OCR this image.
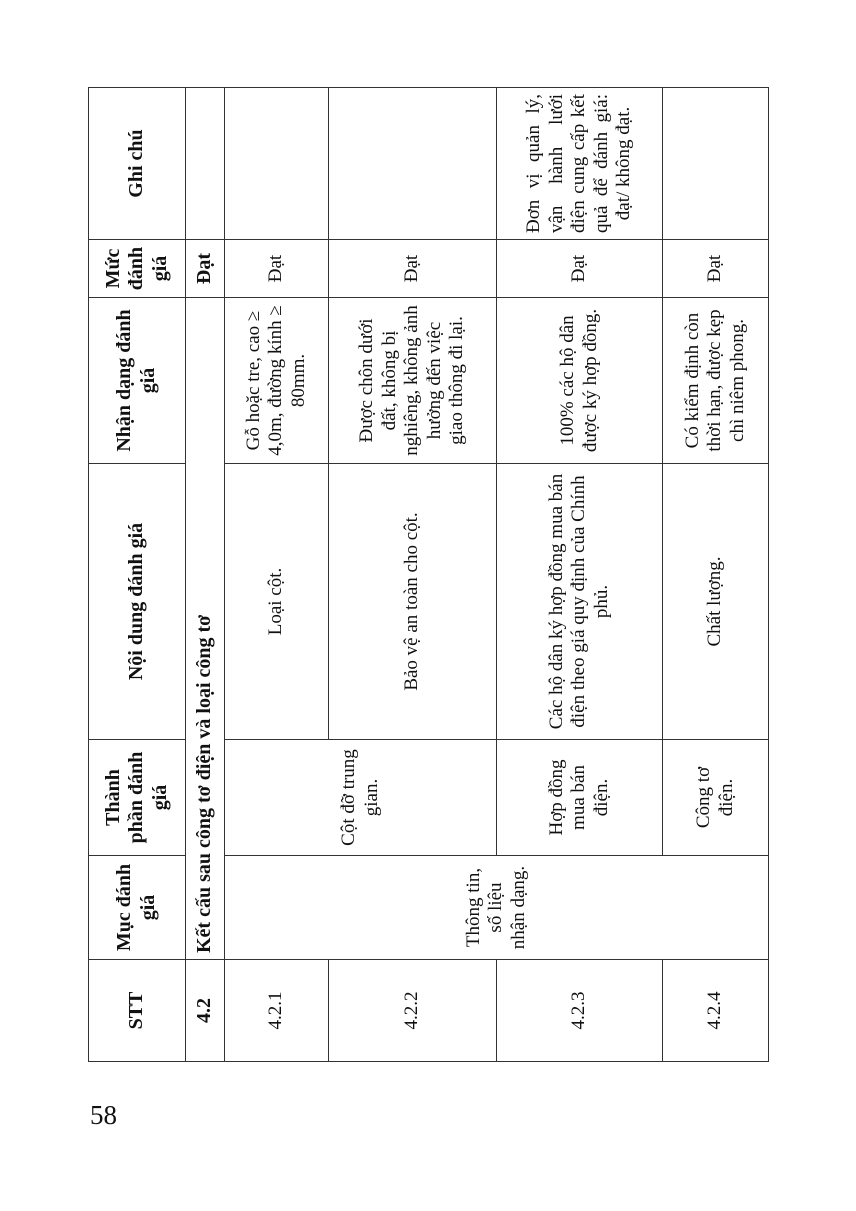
STT	Mục đánh giá	Thành phần đánh giá	Nội dung đánh giá	Nhận dạng đánh giá	Mức đánh giá	Ghi chú
4.2	Kết cấu sau công tơ điện và loại công tơ				Đạt	
4.2.1	Thông tin, số liệu nhận dạng.	Cột đỡ trung gian.	Loại cột.	Gỗ hoặc tre, cao ≥ 4,0m, đường kính ≥ 80mm.	Đạt	
4.2.2			Bảo vệ an toàn cho cột.	Được chôn dưới đất, không bị nghiêng, không ảnh hưởng đến việc giao thông đi lại.	Đạt	
4.2.3		Hợp đồng mua bán điện.	Các hộ dân ký hợp đồng mua bán điện theo giá quy định của Chính phủ.	100% các hộ dân được ký hợp đồng.	Đạt	Đơn vị quản lý, vận hành lưới điện cung cấp kết quả để đánh giá: đạt/ không đạt.
4.2.4		Công tơ điện.	Chất lượng.	Có kiểm định còn thời hạn, được kẹp chì niêm phong.	Đạt	
58
